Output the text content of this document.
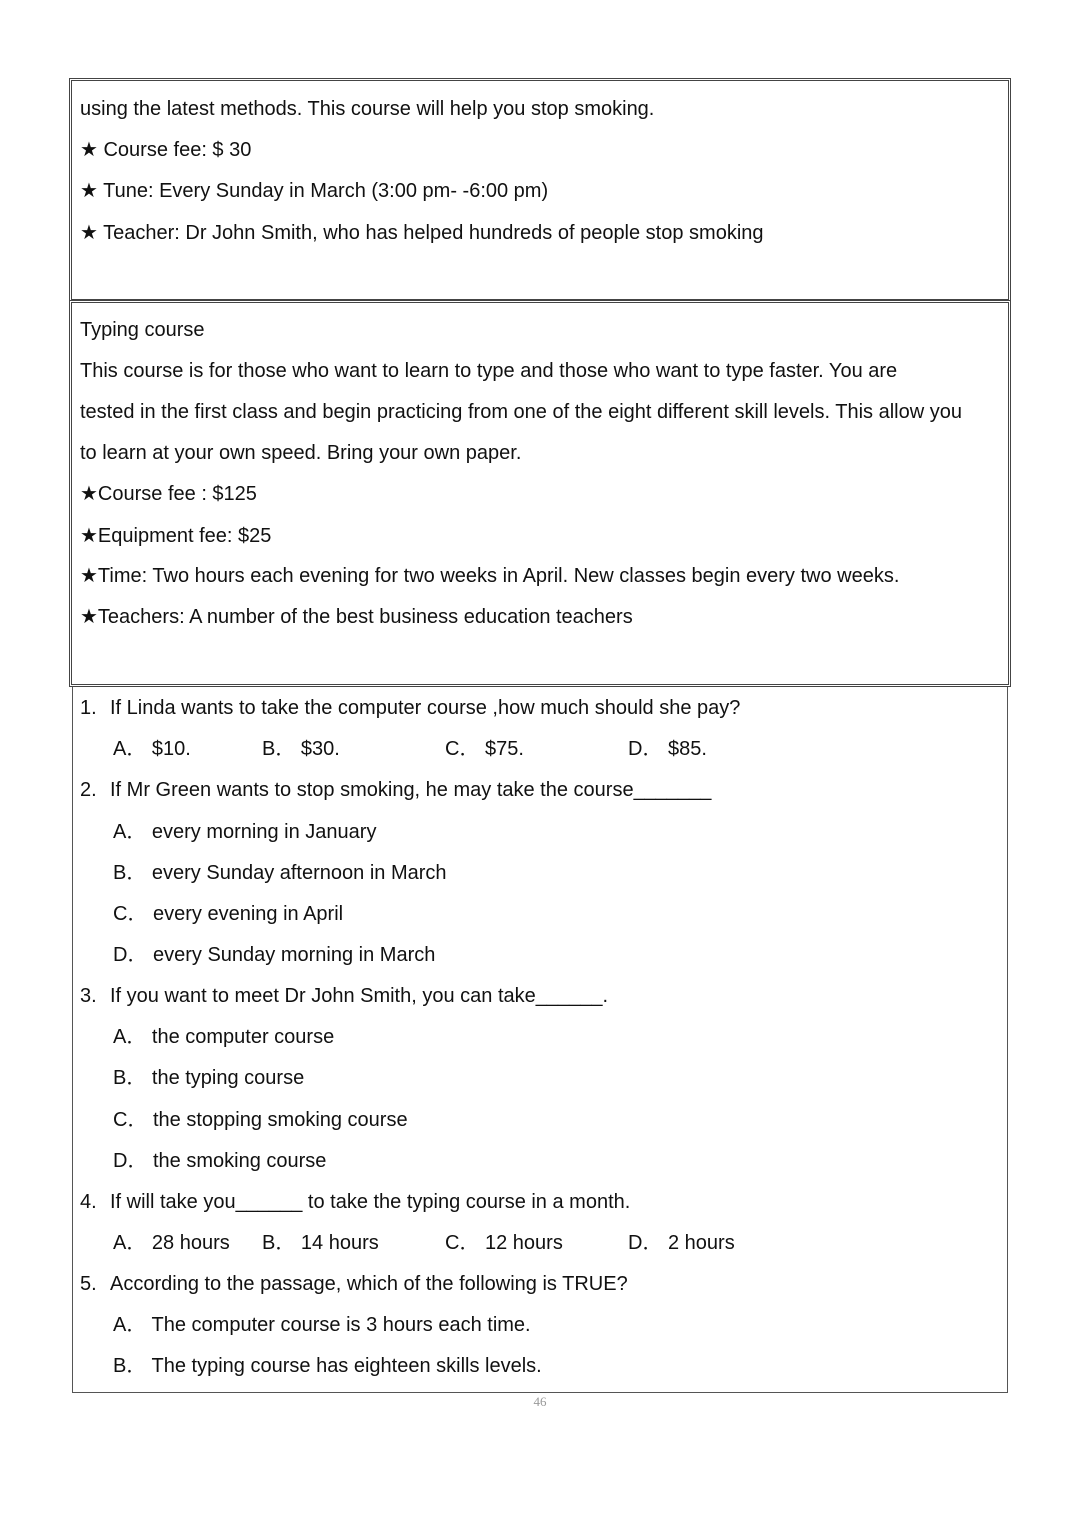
using the latest methods. This course will help you stop smoking.
★ Course fee: $ 30
★ Tune: Every Sunday in March (3:00 pm- -6:00 pm)
★ Teacher: Dr John Smith, who has helped hundreds of people stop smoking
Typing course
This course is for those who want to learn to type and those who want to type faster. You are
tested in the first class and begin practicing from one of the eight different skill levels. This allow you
to learn at your own speed. Bring your own paper.
★Course fee : $125
★Equipment fee: $25
★Time: Two hours each evening for two weeks in April. New classes begin every two weeks.
★Teachers: A number of the best business education teachers
1. If Linda wants to take the computer course ,how much should she pay?
A． $10.	B． $30.	C． $75.	D． $85.
2. If Mr Green wants to stop smoking, he may take the course_______
A． every morning in January
B． every Sunday afternoon in March
C． every evening in April
D． every Sunday morning in March
3. If you want to meet Dr John Smith, you can take______.
A． the computer course
B． the typing course
C． the stopping smoking course
D． the smoking course
4. If will take you______ to take the typing course in a month.
A． 28 hours B． 14 hours	C． 12 hours	D． 2 hours
5. According to the passage, which of the following is TRUE?
A． The computer course is 3 hours each time.
B． The typing course has eighteen skills levels.
46
